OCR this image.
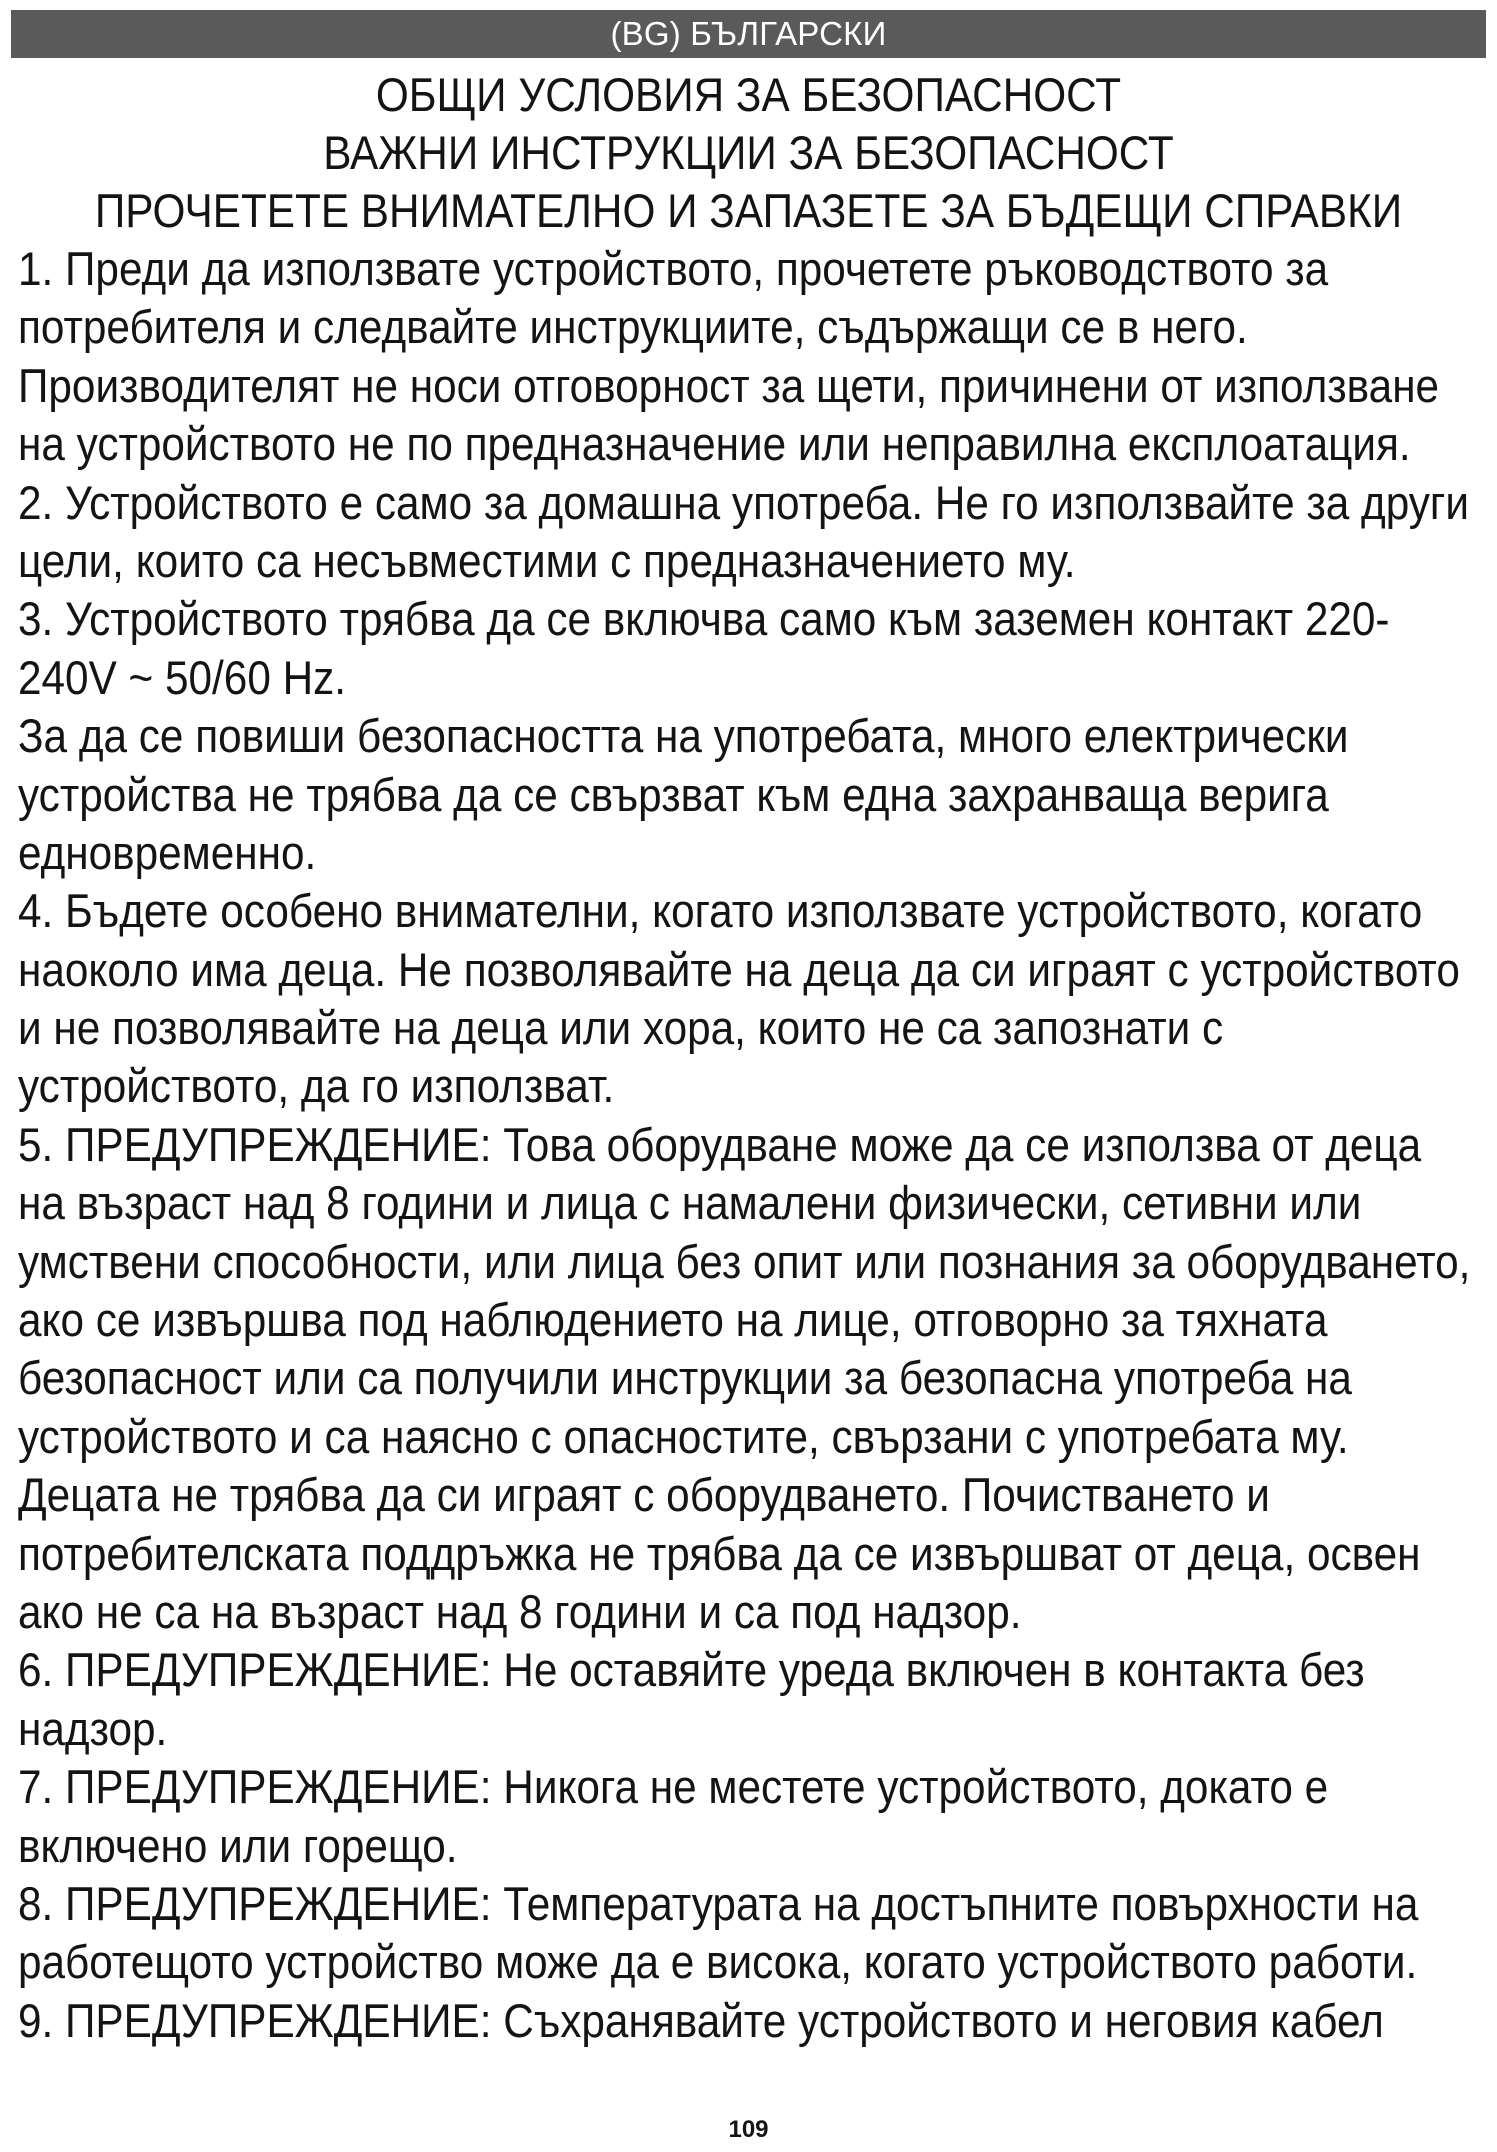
(BG) БЪЛГАРСКИ
ОБЩИ УСЛОВИЯ ЗА БЕЗОПАСНОСТ
ВАЖНИ ИНСТРУКЦИИ ЗА БЕЗОПАСНОСТ
ПРОЧЕТЕТЕ ВНИМАТЕЛНО И ЗАПАЗЕТЕ ЗА БЪДЕЩИ СПРАВКИ
1. Преди да използвате устройството, прочетете ръководството за
потребителя и следвайте инструкциите, съдържащи се в него.
Производителят не носи отговорност за щети, причинени от използване
на устройството не по предназначение или неправилна експлоатация.
2. Устройството е само за домашна употреба. Не го използвайте за други
цели, които са несъвместими с предназначението му.
3. Устройството трябва да се включва само към заземен контакт 220-
240V ~ 50/60 Hz.
За да се повиши безопасността на употребата, много електрически
устройства не трябва да се свързват към една захранваща верига
едновременно.
4. Бъдете особено внимателни, когато използвате устройството, когато
наоколо има деца. Не позволявайте на деца да си играят с устройството
и не позволявайте на деца или хора, които не са запознати с
устройството, да го използват.
5. ПРЕДУПРЕЖДЕНИЕ: Това оборудване може да се използва от деца
на възраст над 8 години и лица с намалени физически, сетивни или
умствени способности, или лица без опит или познания за оборудването,
ако се извършва под наблюдението на лице, отговорно за тяхната
безопасност или са получили инструкции за безопасна употреба на
устройството и са наясно с опасностите, свързани с употребата му.
Децата не трябва да си играят с оборудването. Почистването и
потребителската поддръжка не трябва да се извършват от деца, освен
ако не са на възраст над 8 години и са под надзор.
6. ПРЕДУПРЕЖДЕНИЕ: Не оставяйте уреда включен в контакта без
надзор.
7. ПРЕДУПРЕЖДЕНИЕ: Никога не местете устройството, докато е
включено или горещо.
8. ПРЕДУПРЕЖДЕНИЕ: Температурата на достъпните повърхности на
работещото устройство може да е висока, когато устройството работи.
9. ПРЕДУПРЕЖДЕНИЕ: Съхранявайте устройството и неговия кабел
109
